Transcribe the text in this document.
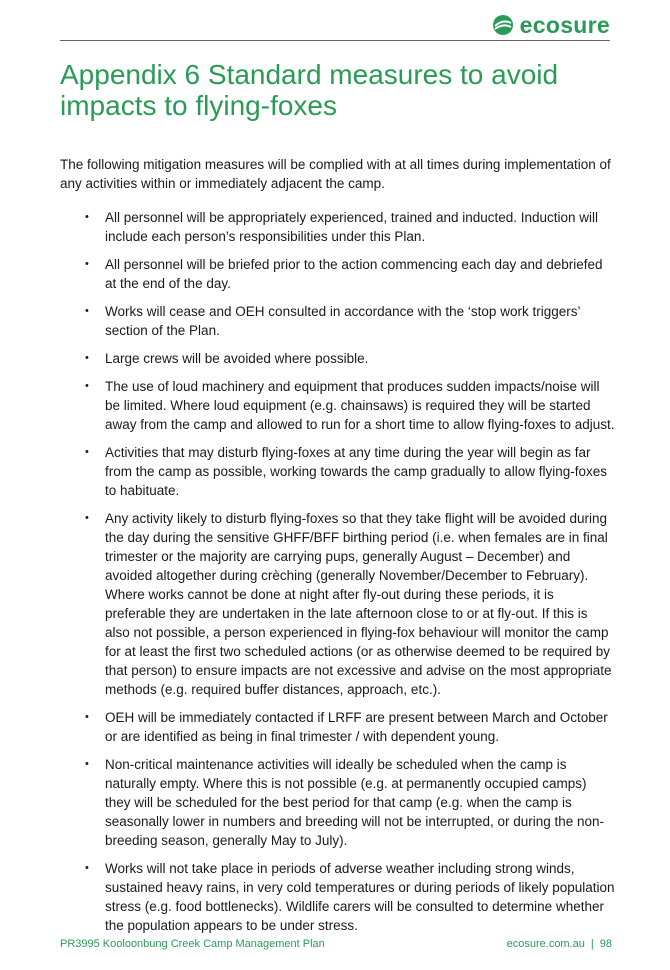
ecosure
Appendix 6 Standard measures to avoid impacts to flying-foxes

The following mitigation measures will be complied with at all times during implementation of any activities within or immediately adjacent the camp.

• All personnel will be appropriately experienced, trained and inducted. Induction will include each person’s responsibilities under this Plan.
• All personnel will be briefed prior to the action commencing each day and debriefed at the end of the day.
• Works will cease and OEH consulted in accordance with the ‘stop work triggers’ section of the Plan.
• Large crews will be avoided where possible.
• The use of loud machinery and equipment that produces sudden impacts/noise will be limited. Where loud equipment (e.g. chainsaws) is required they will be started away from the camp and allowed to run for a short time to allow flying-foxes to adjust.
• Activities that may disturb flying-foxes at any time during the year will begin as far from the camp as possible, working towards the camp gradually to allow flying-foxes to habituate.
• Any activity likely to disturb flying-foxes so that they take flight will be avoided during the day during the sensitive GHFF/BFF birthing period (i.e. when females are in final trimester or the majority are carrying pups, generally August – December) and avoided altogether during crèching (generally November/December to February). Where works cannot be done at night after fly-out during these periods, it is preferable they are undertaken in the late afternoon close to or at fly-out. If this is also not possible, a person experienced in flying-fox behaviour will monitor the camp for at least the first two scheduled actions (or as otherwise deemed to be required by that person) to ensure impacts are not excessive and advise on the most appropriate methods (e.g. required buffer distances, approach, etc.).
• OEH will be immediately contacted if LRFF are present between March and October or are identified as being in final trimester / with dependent young.
• Non-critical maintenance activities will ideally be scheduled when the camp is naturally empty. Where this is not possible (e.g. at permanently occupied camps) they will be scheduled for the best period for that camp (e.g. when the camp is seasonally lower in numbers and breeding will not be interrupted, or during the non-breeding season, generally May to July).
• Works will not take place in periods of adverse weather including strong winds, sustained heavy rains, in very cold temperatures or during periods of likely population stress (e.g. food bottlenecks). Wildlife carers will be consulted to determine whether the population appears to be under stress.
PR3995 Kooloonbung Creek Camp Management Plan	ecosure.com.au | 98
